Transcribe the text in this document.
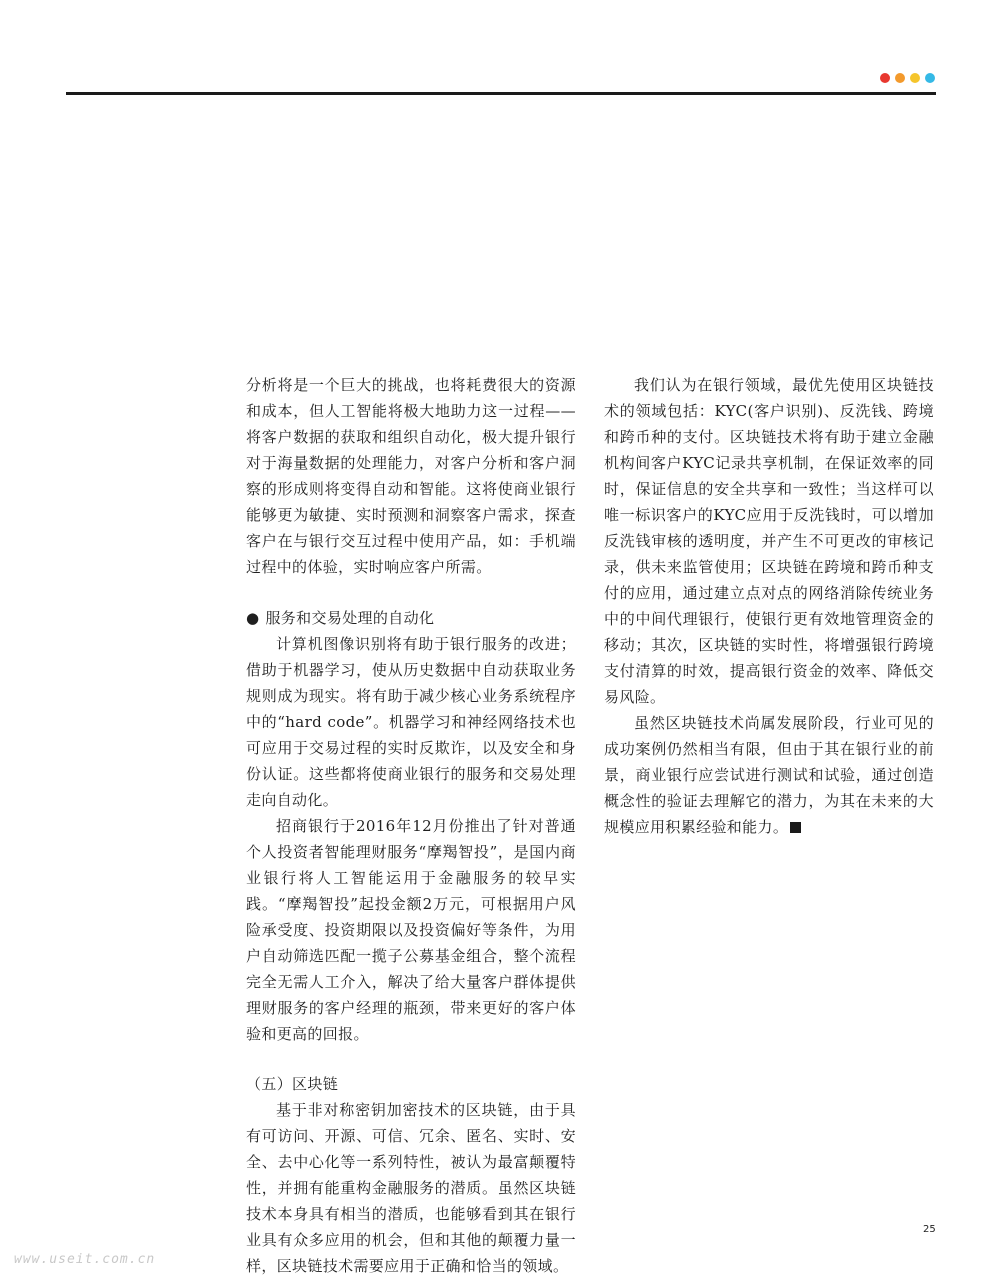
分析将是一个巨大的挑战，也将耗费很大的资源和成本，但人工智能将极大地助力这一过程——将客户数据的获取和组织自动化，极大提升银行对于海量数据的处理能力，对客户分析和客户洞察的形成则将变得自动和智能。这将使商业银行能够更为敏捷、实时预测和洞察客户需求，探查客户在与银行交互过程中使用产品，如：手机端过程中的体验，实时响应客户所需。

● 服务和交易处理的自动化

计算机图像识别将有助于银行服务的改进；借助于机器学习，使从历史数据中自动获取业务规则成为现实。将有助于减少核心业务系统程序中的“hard code”。机器学习和神经网络技术也可应用于交易过程的实时反欺诈，以及安全和身份认证。这些都将使商业银行的服务和交易处理走向自动化。

招商银行于2016年12月份推出了针对普通个人投资者智能理财服务“摩羯智投”，是国内商业银行将人工智能运用于金融服务的较早实践。“摩羯智投”起投金额2万元，可根据用户风险承受度、投资期限以及投资偏好等条件，为用户自动筛选匹配一揽子公募基金组合，整个流程完全无需人工介入，解决了给大量客户群体提供理财服务的客户经理的瓶颈，带来更好的客户体验和更高的回报。

（五）区块链

基于非对称密钥加密技术的区块链，由于具有可访问、开源、可信、冗余、匿名、实时、安全、去中心化等一系列特性，被认为最富颠覆特性，并拥有能重构金融服务的潜质。虽然区块链技术本身具有相当的潜质，也能够看到其在银行业具有众多应用的机会，但和其他的颠覆力量一样，区块链技术需要应用于正确和恰当的领域。

我们认为在银行领域，最优先使用区块链技术的领域包括：KYC(客户识别)、反洗钱、跨境和跨币种的支付。区块链技术将有助于建立金融机构间客户KYC记录共享机制，在保证效率的同时，保证信息的安全共享和一致性；当这样可以唯一标识客户的KYC应用于反洗钱时，可以增加反洗钱审核的透明度，并产生不可更改的审核记录，供未来监管使用；区块链在跨境和跨币种支付的应用，通过建立点对点的网络消除传统业务中的中间代理银行，使银行更有效地管理资金的移动；其次，区块链的实时性，将增强银行跨境支付清算的时效，提高银行资金的效率、降低交易风险。

虽然区块链技术尚属发展阶段，行业可见的成功案例仍然相当有限，但由于其在银行业的前景，商业银行应尝试进行测试和试验，通过创造概念性的验证去理解它的潜力，为其在未来的大规模应用积累经验和能力。

25
www.useit.com.cn
